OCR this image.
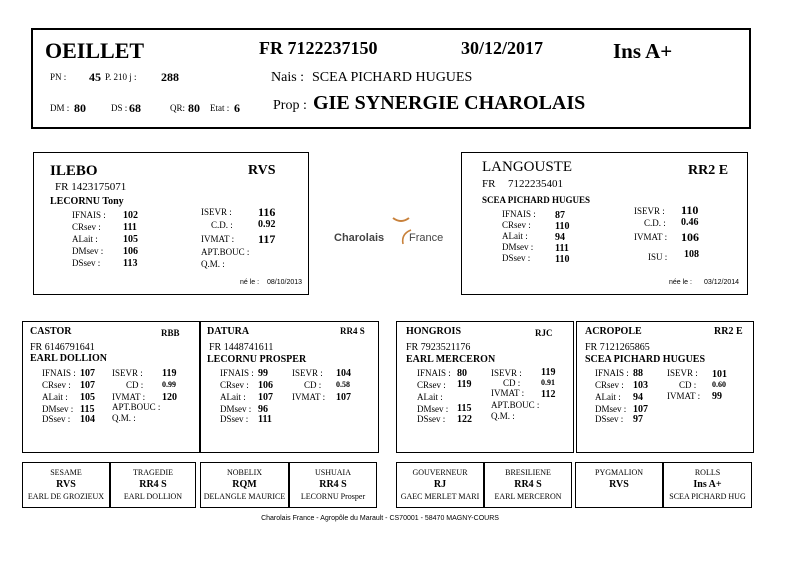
OEILLET	FR 7122237150	30/12/2017	Ins A+
PN : 45 P. 210 j : 288	Nais : SCEA PICHARD HUGUES
DM : 80	DS : 68	QR: 80 Etat : 6 Prop : GIE SYNERGIE CHAROLAIS
ILEBO	RVS
FR 1423175071
LECORNU Tony
IFNAIS : 102
CRsev : 111
ALait :	105
DMsev : 106
DSsev : 113
ISEVR : 116
C.D. :	0.92
IVMAT : 117
APT.BOUC :
Q.M. :
né le : 08/10/2013
Charolais France
LANGOUSTE	RR2 E
FR 7122235401
SCEA PICHARD HUGUES
IFNAIS : 87
CRsev : 110
ALait :	94
DMsev : 111
DSsev : 110
ISEVR : 110
C.D. : 0.46
IVMAT : 106
ISU : 108
née le : 03/12/2014
CASTOR	RBB
FR 6146791641
EARL DOLLION
IFNAIS : 107
CRsev : 107
ALait : 105
DMsev : 115
DSsev : 104
ISEVR : 119
CD : 0.99
IVMAT : 120
APT.BOUC :
Q.M. :
DATURA	RR4 S
FR 1448741611
LECORNU PROSPER
IFNAIS : 99
CRsev : 106
ALait : 107
DMsev : 96
DSsev : 111
ISEVR : 104
CD : 0.58
IVMAT : 107
HONGROIS	RJC
FR 7923521176
EARL MERCERON
IFNAIS : 80
CRsev : 119
ALait :
DMsev : 115
DSsev : 122
ISEVR : 119
CD :	0.91
IVMAT : 112
APT.BOUC :
Q.M. :
ACROPOLE	RR2 E
FR 7121265865
SCEA PICHARD HUGUES
IFNAIS : 88
CRsev : 103
ALait : 94
DMsev : 107
DSsev : 97
ISEVR : 101
CD : 0.60
IVMAT : 99
SESAME
RVS
EARL DE GROZIEUX
TRAGEDIE
RR4 S
EARL DOLLION
NOBELIX
RQM
DELANGLE MAURICE
USHUAIA
RR4 S
LECORNU Prosper
GOUVERNEUR
RJ
GAEC MERLET MARI
BRESILIENE
RR4 S
EARL MERCERON
PYGMALION
RVS
ROLLS
Ins A+
SCEA PICHARD HUG
Charolais France - Agropôle du Marault - CS70001 - 58470 MAGNY-COURS
